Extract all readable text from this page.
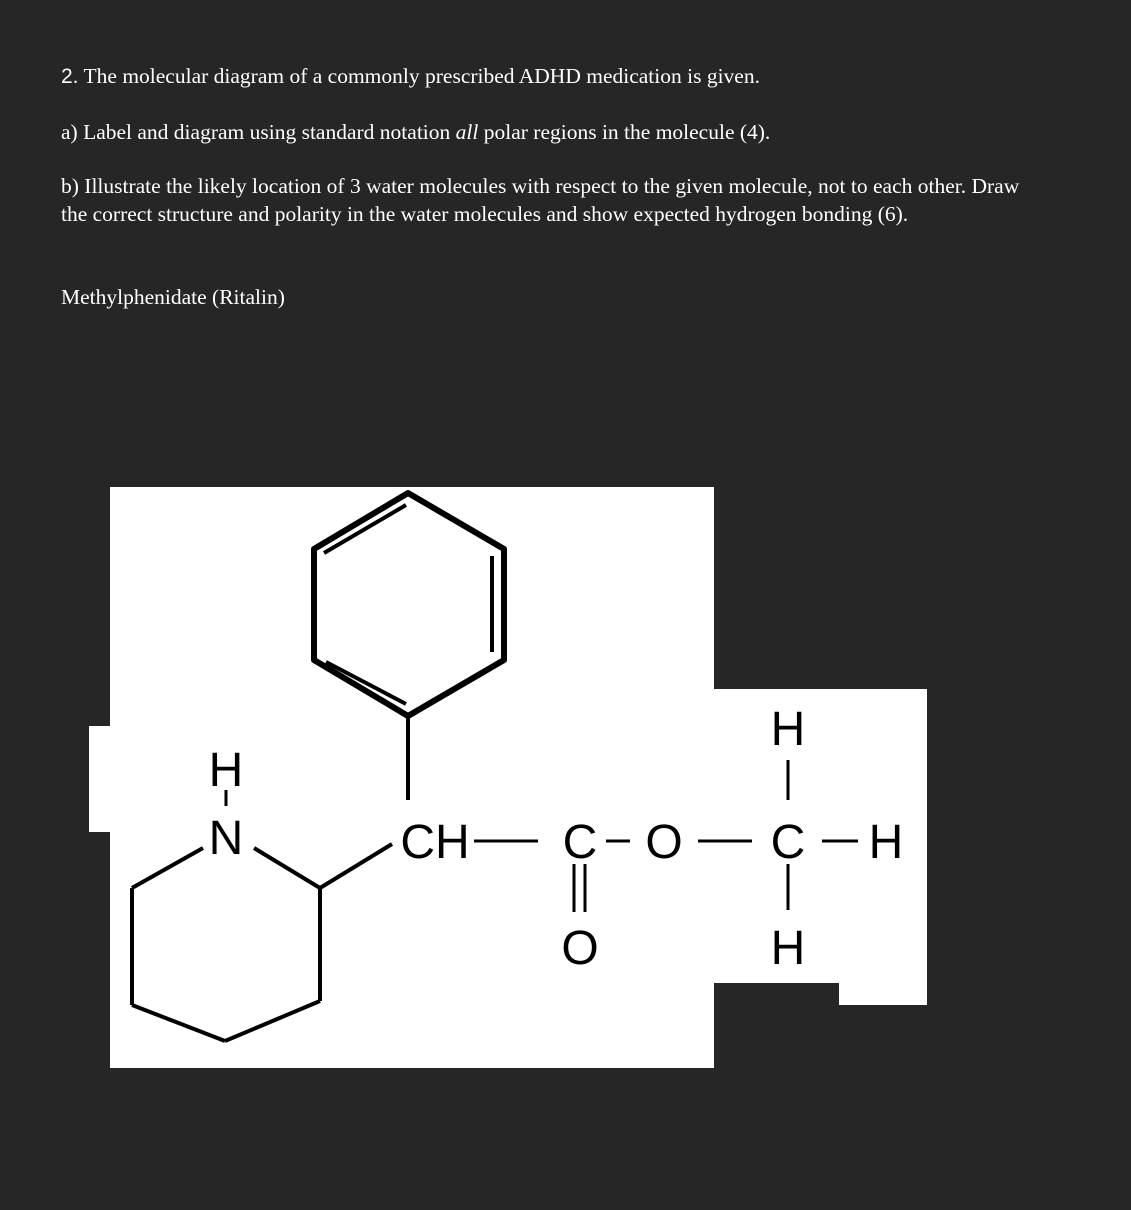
2. The molecular diagram of a commonly prescribed ADHD medication is given.

a) Label and diagram using standard notation all polar regions in the molecule (4).

b) Illustrate the likely location of 3 water molecules with respect to the given molecule, not to each other. Draw the correct structure and polarity in the water molecules and show expected hydrogen bonding (6).

Methylphenidate (Ritalin)

H
N	CH C O C H
O
H
H
